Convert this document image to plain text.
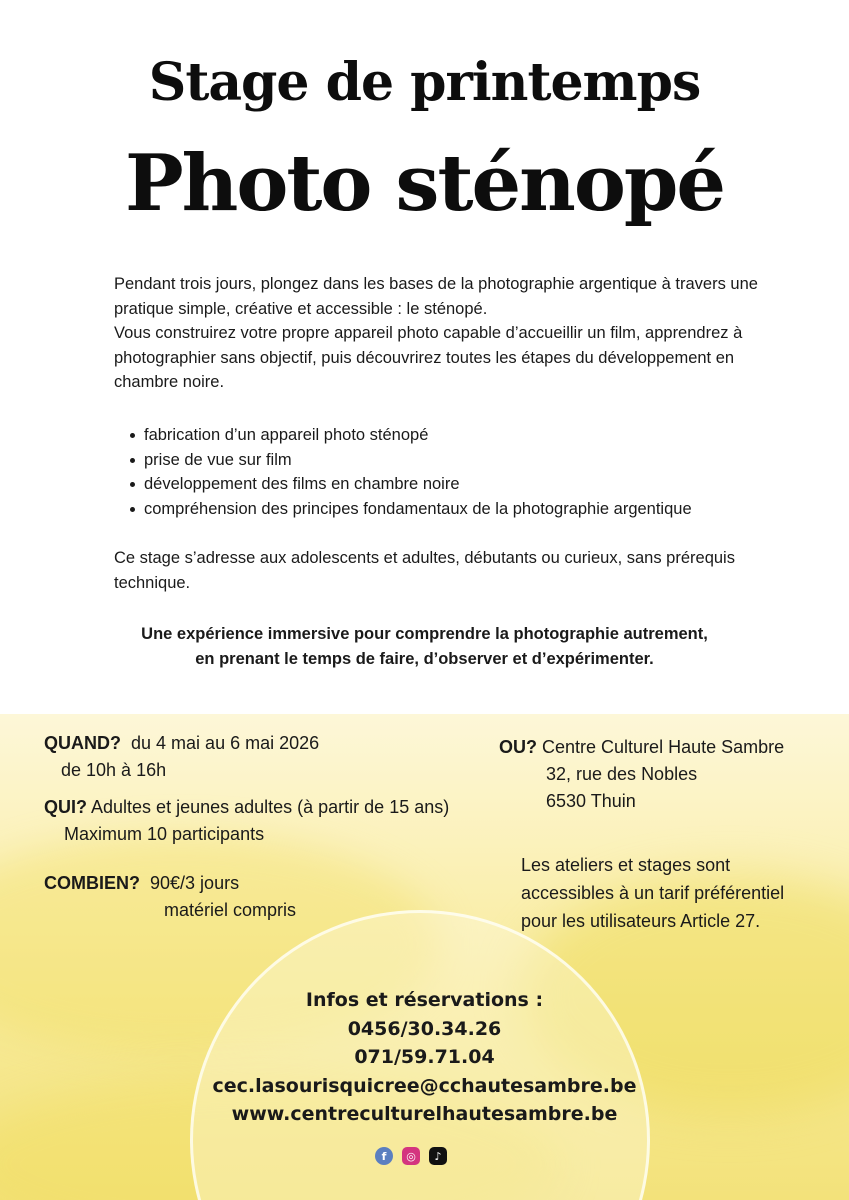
Stage de printemps
Photo sténopé

Pendant trois jours, plongez dans les bases de la photographie argentique à travers une pratique simple, créative et accessible : le sténopé.

Vous construirez votre propre appareil photo capable d’accueillir un film, apprendrez à photographier sans objectif, puis découvrirez toutes les étapes du développement en chambre noire.

fabrication d’un appareil photo sténopé
prise de vue sur film
développement des films en chambre noire
compréhension des principes fondamentaux de la photographie argentique

Ce stage s’adresse aux adolescents et adultes, débutants ou curieux, sans prérequis technique.

Une expérience immersive pour comprendre la photographie autrement,
en prenant le temps de faire, d’observer et d’expérimenter.
QUAND? du 4 mai au 6 mai 2026
de 10h à 16h
QUI? Adultes et jeunes adultes (à partir de 15 ans)
Maximum 10 participants
COMBIEN? 90€/3 jours
matériel compris
OU? Centre Culturel Haute Sambre
32, rue des Nobles
6530 Thuin
Les ateliers et stages sont
accessibles à un tarif préférentiel
pour les utilisateurs Article 27.
Infos et réservations :
0456/30.34.26
071/59.71.04
cec.lasourisquicree@cchautesambre.be
www.centreculturelhautesambre.be
f	◎	♪
